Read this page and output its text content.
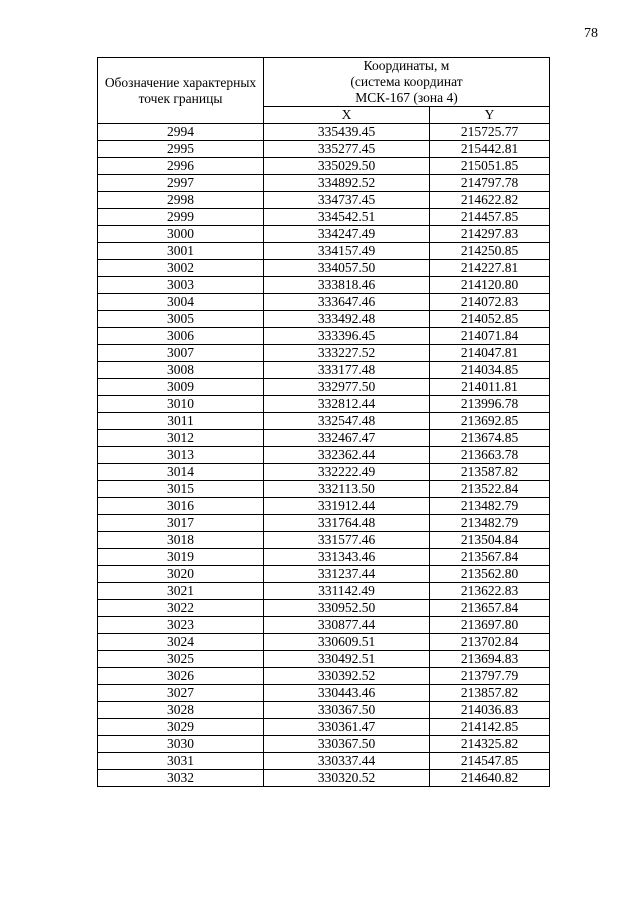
78
Обозначение характерных точек границы	Координаты, м
(система координат
МСК-167 (зона 4)	

	X	Y
2994	335439.45	215725.77
2995	335277.45	215442.81
2996	335029.50	215051.85
2997	334892.52	214797.78
2998	334737.45	214622.82
2999	334542.51	214457.85
3000	334247.49	214297.83
3001	334157.49	214250.85
3002	334057.50	214227.81
3003	333818.46	214120.80
3004	333647.46	214072.83
3005	333492.48	214052.85
3006	333396.45	214071.84
3007	333227.52	214047.81
3008	333177.48	214034.85
3009	332977.50	214011.81
3010	332812.44	213996.78
3011	332547.48	213692.85
3012	332467.47	213674.85
3013	332362.44	213663.78
3014	332222.49	213587.82
3015	332113.50	213522.84
3016	331912.44	213482.79
3017	331764.48	213482.79
3018	331577.46	213504.84
3019	331343.46	213567.84
3020	331237.44	213562.80
3021	331142.49	213622.83
3022	330952.50	213657.84
3023	330877.44	213697.80
3024	330609.51	213702.84
3025	330492.51	213694.83
3026	330392.52	213797.79
3027	330443.46	213857.82
3028	330367.50	214036.83
3029	330361.47	214142.85
3030	330367.50	214325.82
3031	330337.44	214547.85
3032	330320.52	214640.82
